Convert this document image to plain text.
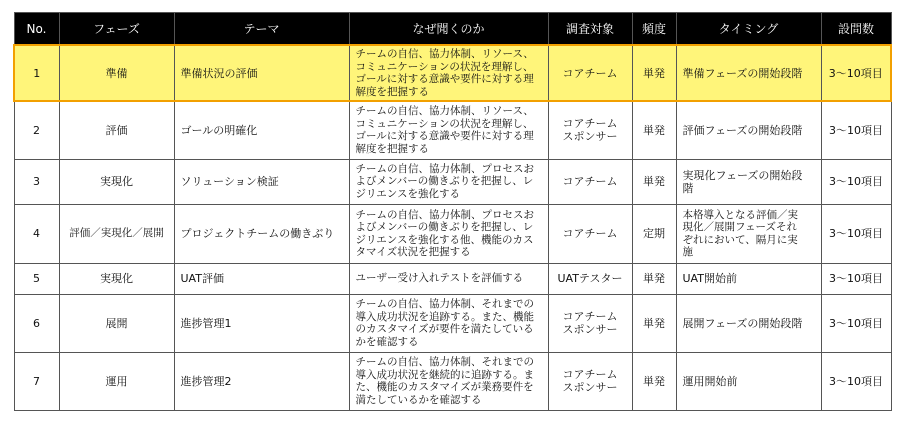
No.	フェーズ	テーマ	なぜ聞くのか	調査対象	頻度	タイミング	設問数
1	準備	準備状況の評価	チームの自信、協力体制、リソース、
コミュニケーションの状況を理解し、
ゴールに対する意識や要件に対する理
解度を把握する	コアチーム	単発	準備フェーズの開始段階	3～10項目
2	評価	ゴールの明確化	チームの自信、協力体制、リソース、
コミュニケーションの状況を理解し、
ゴールに対する意識や要件に対する理
解度を把握する	コアチーム
スポンサー	単発	評価フェーズの開始段階	3～10項目
3	実現化	ソリューション検証	チームの自信、協力体制、プロセスお
よびメンバーの働きぶりを把握し、レ
ジリエンスを強化する	コアチーム	単発	実現化フェーズの開始段
階	3～10項目
4	評価／実現化／展開	プロジェクトチームの働きぶり	チームの自信、協力体制、プロセスお
よびメンバーの働きぶりを把握し、レ
ジリエンスを強化する他、機能のカス
タマイズ状況を把握する	コアチーム	定期	本格導入となる評価／実
現化／展開フェーズそれ
ぞれにおいて、隔月に実
施	3～10項目
5	実現化	UAT評価	ユーザー受け入れテストを評価する	UATテスター	単発	UAT開始前	3～10項目
6	展開	進捗管理1	チームの自信、協力体制、それまでの
導入成功状況を追跡する。また、機能
のカスタマイズが要件を満たしている
かを確認する	コアチーム
スポンサー	単発	展開フェーズの開始段階	3～10項目
7	運用	進捗管理2	チームの自信、協力体制、それまでの
導入成功状況を継続的に追跡する。ま
た、機能のカスタマイズが業務要件を
満たしているかを確認する	コアチーム
スポンサー	単発	運用開始前	3～10項目
